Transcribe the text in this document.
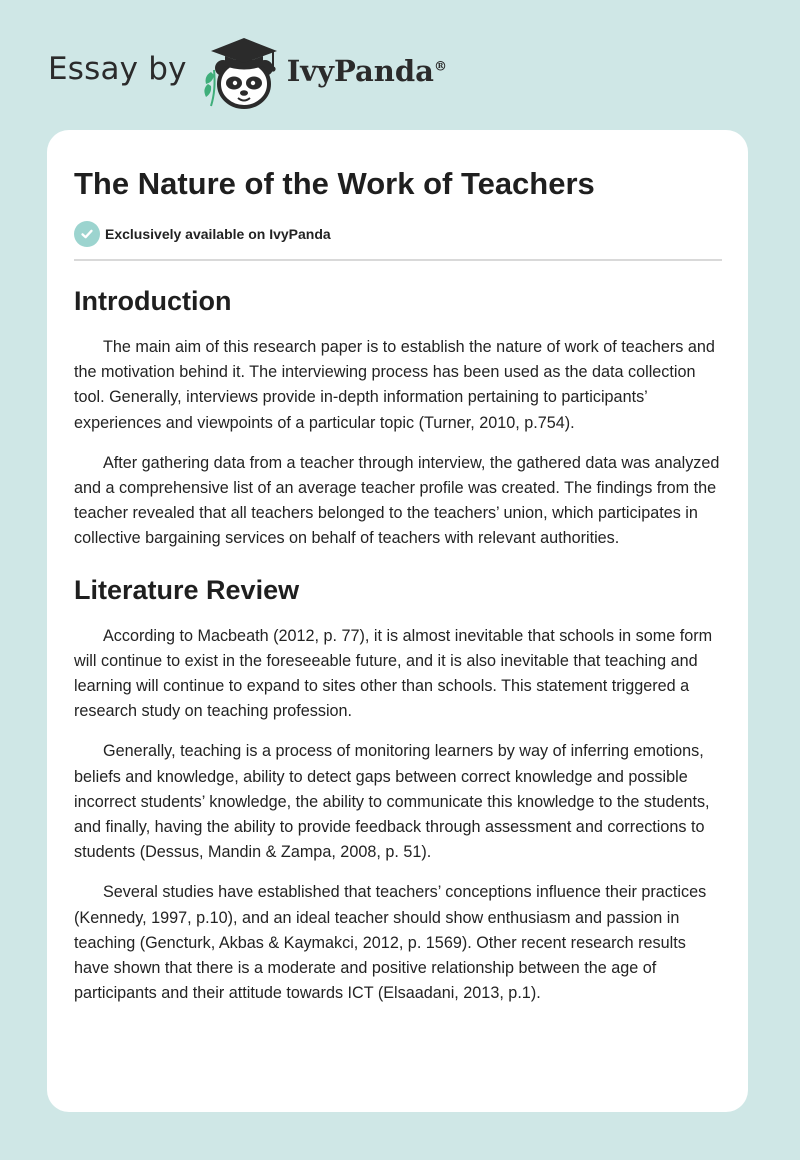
Essay by	IvyPanda®
The Nature of the Work of Teachers
Exclusively available on IvyPanda
Introduction

The main aim of this research paper is to establish the nature of work of teachers and the motivation behind it. The interviewing process has been used as the data collection tool. Generally, interviews provide in-depth information pertaining to participants’ experiences and viewpoints of a particular topic (Turner, 2010, p.754).

After gathering data from a teacher through interview, the gathered data was analyzed and a comprehensive list of an average teacher profile was created. The findings from the teacher revealed that all teachers belonged to the teachers’ union, which participates in collective bargaining services on behalf of teachers with relevant authorities.

Literature Review

According to Macbeath (2012, p. 77), it is almost inevitable that schools in some form will continue to exist in the foreseeable future, and it is also inevitable that teaching and learning will continue to expand to sites other than schools. This statement triggered a research study on teaching profession.

Generally, teaching is a process of monitoring learners by way of inferring emotions, beliefs and knowledge, ability to detect gaps between correct knowledge and possible incorrect students’ knowledge, the ability to communicate this knowledge to the students, and finally, having the ability to provide feedback through assessment and corrections to students (Dessus, Mandin & Zampa, 2008, p. 51).

Several studies have established that teachers’ conceptions influence their practices (Kennedy, 1997, p.10), and an ideal teacher should show enthusiasm and passion in teaching (Gencturk, Akbas & Kaymakci, 2012, p. 1569). Other recent research results have shown that there is a moderate and positive relationship between the age of participants and their attitude towards ICT (Elsaadani, 2013, p.1).
